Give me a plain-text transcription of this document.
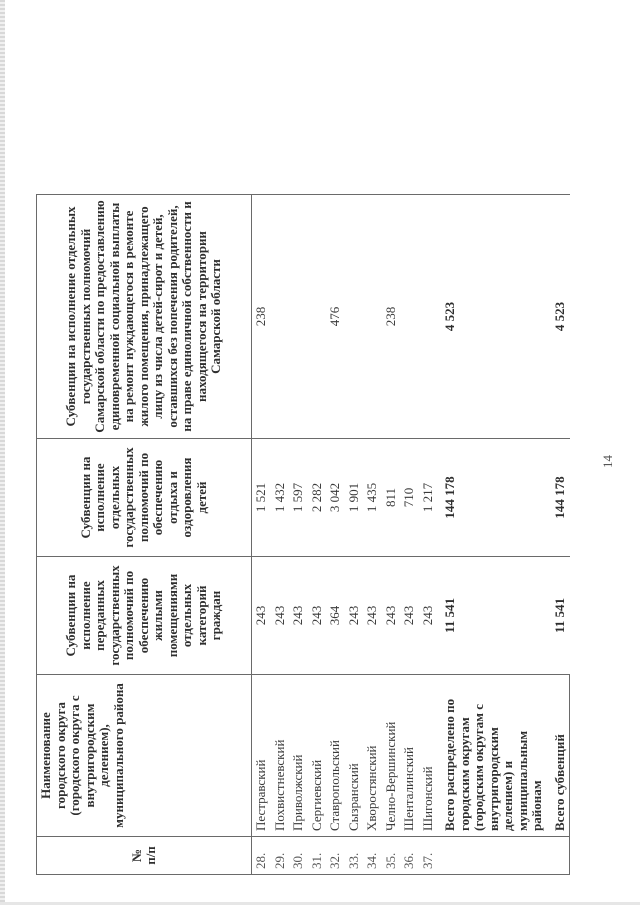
14
№ п/п	Наименование городского округа (городского округа с внутригородским делением), муниципального района	Субвенции на исполнение переданных государственных полномочий по обеспечению жилыми помещениями отдельных категорий граждан	Субвенции на исполнение отдельных государственных полномочий по обеспечению отдыха и оздоровления детей	Субвенции на исполнение отдельных государственных полномочий Самарской области по предоставлению единовременной социальной выплаты на ремонт нуждающегося в ремонте жилого помещения, принадлежащего лицу из числа детей-сирот и детей, оставшихся без попечения родителей, на праве единоличной собственности и находящегося на территории Самарской области	
28.	Пестравский	243	1 521	238	
29.	Похвистневский	243	1 432		
30.	Приволжский	243	1 597		
31.	Сергиевский	243	2 282		
32.	Ставропольский	364	3 042	476	
33.	Сызранский	243	1 901		
34.	Хворостянский	243	1 435		
35.	Челно-Вершинский	243	811	238	
36.	Шенталинский	243	710		
37.	Шигонский	243	1 217		
	Всего распределено по городским округам (городским округам с внутригородским делением) и муниципальным районам	11 541	144 178	4 523	
	Всего субвенций	11 541	144 178	4 523	
